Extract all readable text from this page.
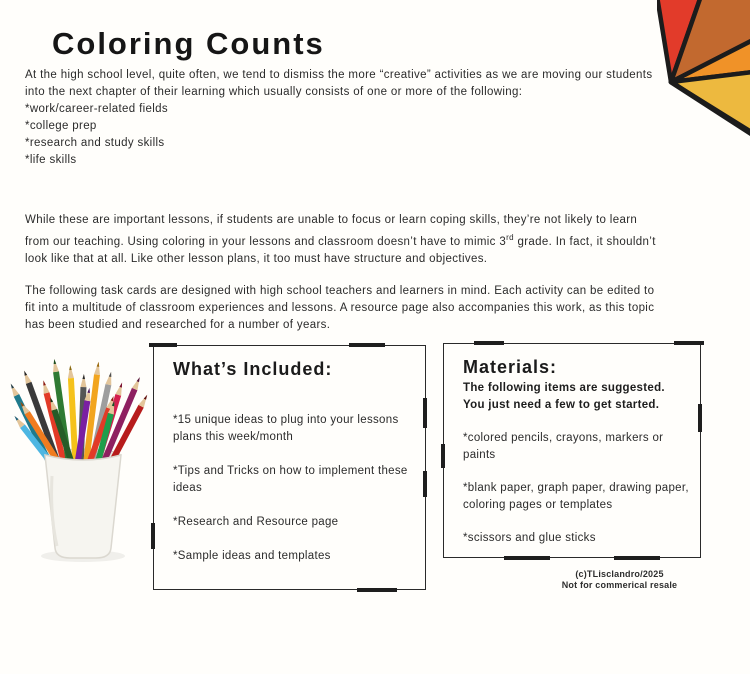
Coloring Counts
At the high school level, quite often, we tend to dismiss the more “creative” activities as we are moving our students into the next chapter of their learning which usually consists of one or more of the following:
*work/career-related fields
*college prep
*research and study skills
*life skills
While these are important lessons, if students are unable to focus or learn coping skills, they’re not likely to learn from our teaching. Using coloring in your lessons and classroom doesn’t have to mimic 3rd grade. In fact, it shouldn’t look like that at all. Like other lesson plans, it too must have structure and objectives.
The following task cards are designed with high school teachers and learners in mind. Each activity can be edited to fit into a multitude of classroom experiences and lessons. A resource page also accompanies this work, as this topic has been studied and researched for a number of years.
What’s Included:
*15 unique ideas to plug into your lessons plans this week/month
*Tips and Tricks on how to implement these ideas
*Research and Resource page
*Sample ideas and templates
Materials:
The following items are suggested.
You just need a few to get started.
*colored pencils, crayons, markers or paints
*blank paper, graph paper, drawing paper, coloring pages or templates
*scissors and glue sticks
(c)TLisclandro/2025
Not for commerical resale
